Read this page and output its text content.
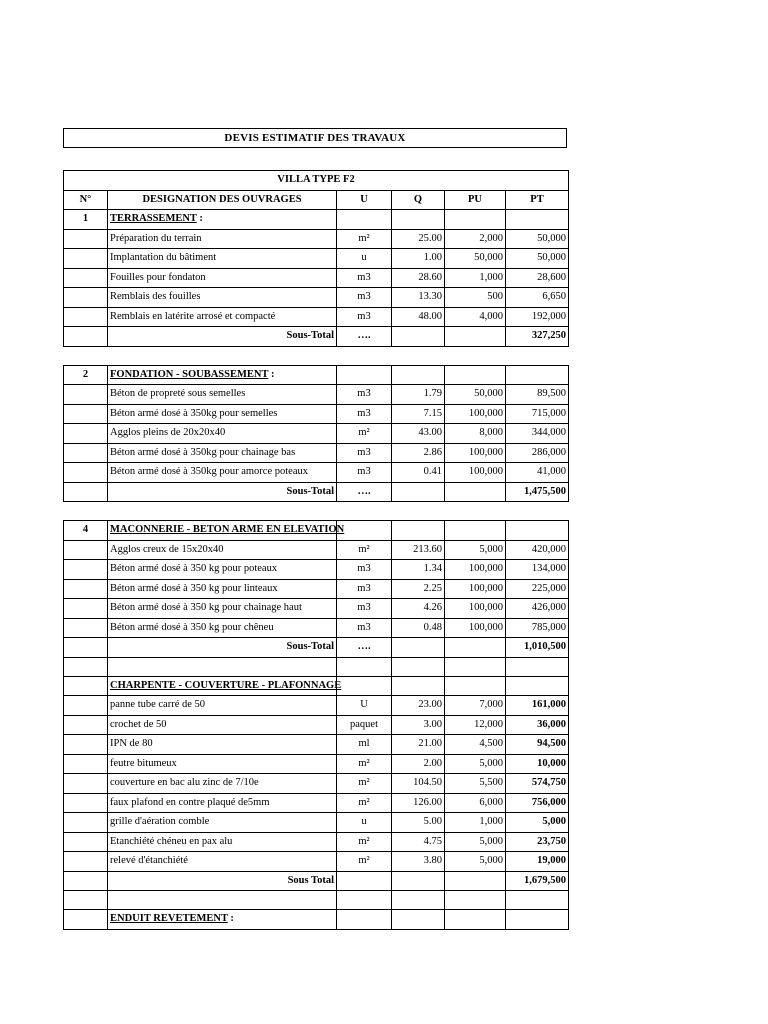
DEVIS ESTIMATIF DES TRAVAUX
VILLA TYPE F2					
N°	DESIGNATION DES OUVRAGES	U	Q	PU	PT
1	TERRASSEMENT :				
	Préparation du terrain	m²	25.00	2,000	50,000
	Implantation du bâtiment	u	1.00	50,000	50,000
	Fouilles pour fondaton	m3	28.60	1,000	28,600
	Remblais des fouilles	m3	13.30	500	6,650
	Remblais en latérite arrosé et compacté	m3	48.00	4,000	192,000
	Sous-Total	….			327,250

2	FONDATION - SOUBASSEMENT :				
	Béton de propreté sous semelles	m3	1.79	50,000	89,500
	Béton armé dosé à 350kg pour semelles	m3	7.15	100,000	715,000
	Agglos pleins de 20x20x40	m²	43.00	8,000	344,000
	Béton armé dosé à 350kg pour chainage bas	m3	2.86	100,000	286,000
	Béton armé dosé à 350kg pour amorce poteaux	m3	0.41	100,000	41,000
	Sous-Total	….			1,475,500

4	MACONNERIE - BETON ARME EN ELEVATION				
	Agglos creux de 15x20x40	m²	213.60	5,000	420,000
	Béton armé dosé à 350 kg pour poteaux	m3	1.34	100,000	134,000
	Béton armé dosé à 350 kg pour linteaux	m3	2.25	100,000	225,000
	Béton armé dosé à 350 kg pour chainage haut	m3	4.26	100,000	426,000
	Béton armé dosé à 350 kg pour chêneu	m3	0.48	100,000	785,000
	Sous-Total	….			1,010,500

	CHARPENTE - COUVERTURE - PLAFONNAGE				
	panne tube carré de 50	U	23.00	7,000	161,000
	crochet de 50	paquet	3.00	12,000	36,000
	IPN de 80	ml	21.00	4,500	94,500
	feutre bitumeux	m²	2.00	5,000	10,000
	couverture en bac alu zinc de 7/10e	m²	104.50	5,500	574,750
	faux plafond en contre plaqué de5mm	m²	126.00	6,000	756,000
	grille d'aération comble	u	5.00	1,000	5,000
	Etanchiété chéneu en pax alu	m²	4.75	5,000	23,750
	relevé d'étanchiété	m²	3.80	5,000	19,000
	Sous Total				1,679,500

	ENDUIT REVETEMENT :				
